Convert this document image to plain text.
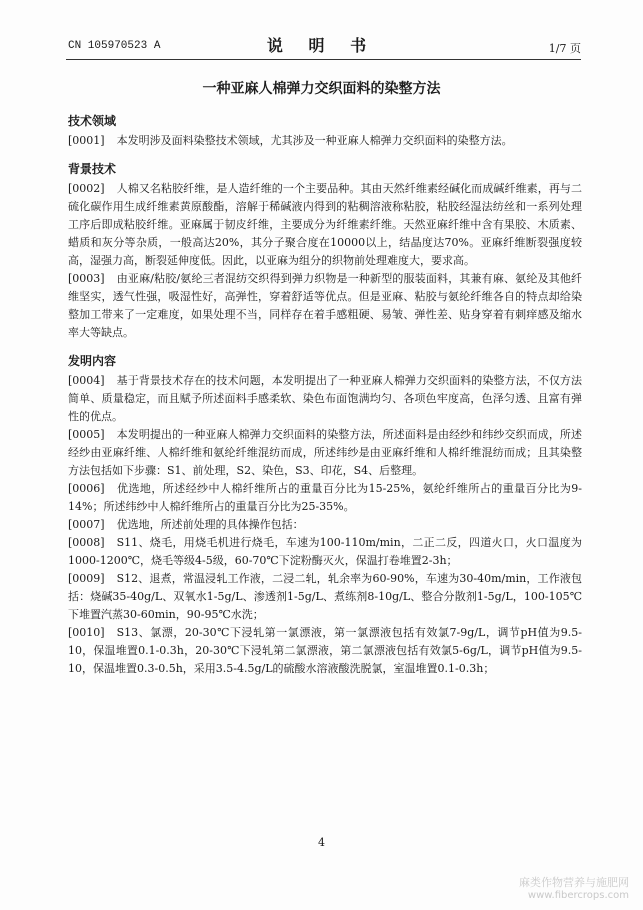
CN 105970523 A	说 明 书	1/7 页
一种亚麻人棉弹力交织面料的染整方法
技术领域
[0001] 本发明涉及面料染整技术领域，尤其涉及一种亚麻人棉弹力交织面料的染整方法。
背景技术
[0002] 人棉又名粘胶纤维，是人造纤维的一个主要品种。其由天然纤维素经碱化而成碱纤维素，再与二硫化碳作用生成纤维素黄原酸酯，溶解于稀碱液内得到的粘稠溶液称粘胶，粘胶经湿法纺丝和一系列处理工序后即成粘胶纤维。亚麻属于韧皮纤维，主要成分为纤维素纤维。天然亚麻纤维中含有果胶、木质素、蜡质和灰分等杂质，一般高达20%，其分子聚合度在10000以上，结晶度达70%。亚麻纤维断裂强度较高，湿强力高，断裂延伸度低。因此，以亚麻为组分的织物前处理难度大，要求高。
[0003] 由亚麻/粘胶/氨纶三者混纺交织得到弹力织物是一种新型的服装面料，其兼有麻、氨纶及其他纤维坚实，透气性强，吸湿性好，高弹性，穿着舒适等优点。但是亚麻、粘胶与氨纶纤维各自的特点却给染整加工带来了一定难度，如果处理不当，同样存在着手感粗硬、易皱、弹性差、贴身穿着有刺痒感及缩水率大等缺点。
发明内容
[0004] 基于背景技术存在的技术问题，本发明提出了一种亚麻人棉弹力交织面料的染整方法，不仅方法简单、质量稳定，而且赋予所述面料手感柔软、染色布面饱满均匀、各项色牢度高，色泽匀透、且富有弹性的优点。
[0005] 本发明提出的一种亚麻人棉弹力交织面料的染整方法，所述面料是由经纱和纬纱交织而成，所述经纱由亚麻纤维、人棉纤维和氨纶纤维混纺而成，所述纬纱是由亚麻纤维和人棉纤维混纺而成；且其染整方法包括如下步骤：S1、前处理，S2、染色，S3、印花，S4、后整理。
[0006] 优选地，所述经纱中人棉纤维所占的重量百分比为15-25%，氨纶纤维所占的重量百分比为9-14%；所述纬纱中人棉纤维所占的重量百分比为25-35%。
[0007] 优选地，所述前处理的具体操作包括：
[0008] S11、烧毛，用烧毛机进行烧毛，车速为100-110m/min，二正二反，四道火口，火口温度为1000-1200℃，烧毛等级4-5级，60-70℃下淀粉酶灭火，保温打卷堆置2-3h；
[0009] S12、退煮，常温浸轧工作液，二浸二轧，轧余率为60-90%，车速为30-40m/min，工作液包括：烧碱35-40g/L、双氧水1-5g/L、渗透剂1-5g/L、煮练剂8-10g/L、整合分散剂1-5g/L，100-105℃下堆置汽蒸30-60min，90-95℃水洗；
[0010] S13、氯漂，20-30℃下浸轧第一氯漂液，第一氯漂液包括有效氯7-9g/L，调节pH值为9.5-10，保温堆置0.1-0.3h，20-30℃下浸轧第二氯漂液，第二氯漂液包括有效氯5-6g/L，调节pH值为9.5-10，保温堆置0.3-0.5h，采用3.5-4.5g/L的硫酸水溶液酸洗脱氯，室温堆置0.1-0.3h；
4
麻类作物营养与施肥网
www.fibercrops.com
